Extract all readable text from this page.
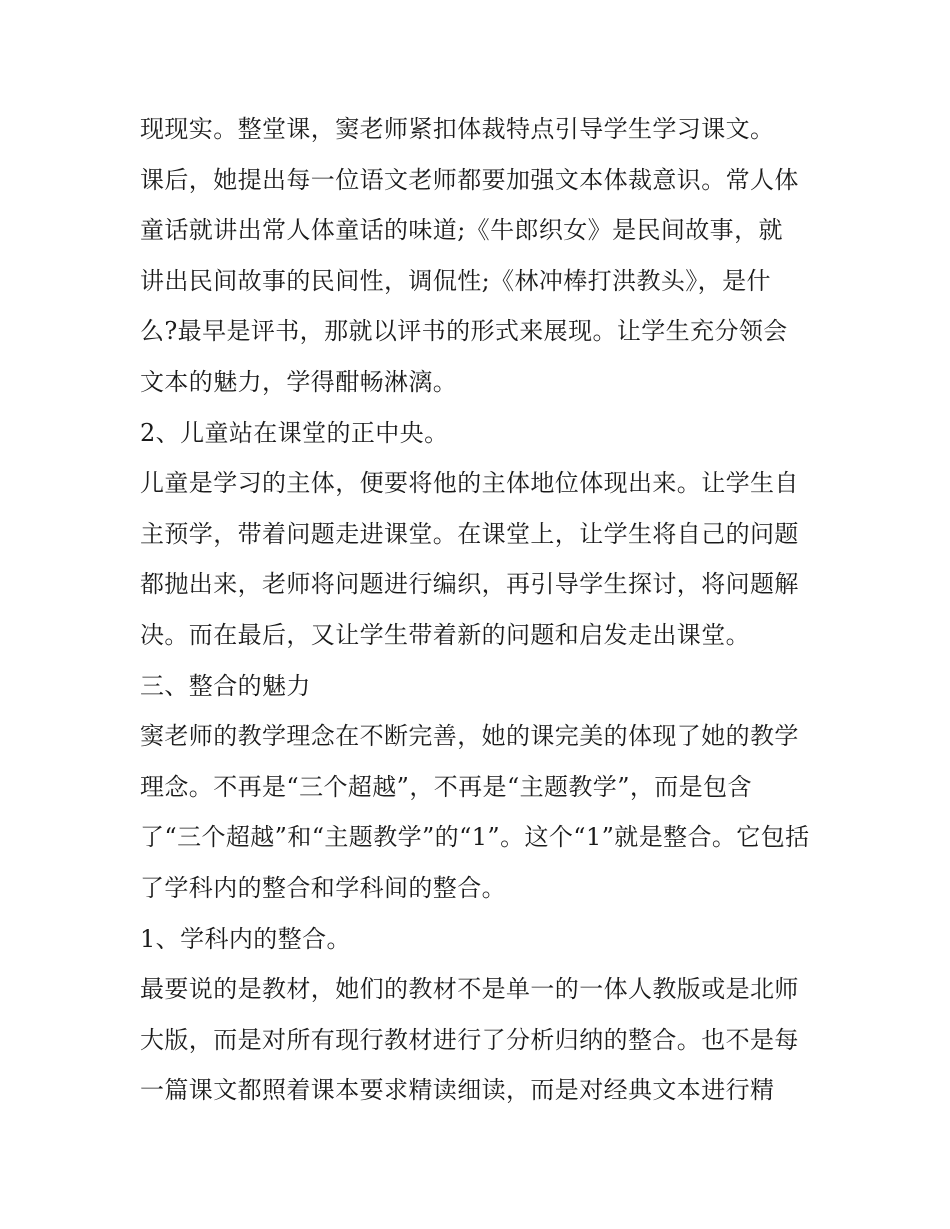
现现实。整堂课，窦老师紧扣体裁特点引导学生学习课文。
课后，她提出每一位语文老师都要加强文本体裁意识。常人体
童话就讲出常人体童话的味道;《牛郎织女》是民间故事，就
讲出民间故事的民间性，调侃性;《林冲棒打洪教头》，是什
么?最早是评书，那就以评书的形式来展现。让学生充分领会
文本的魅力，学得酣畅淋漓。
2、儿童站在课堂的正中央。
儿童是学习的主体，便要将他的主体地位体现出来。让学生自
主预学，带着问题走进课堂。在课堂上，让学生将自己的问题
都抛出来，老师将问题进行编织，再引导学生探讨，将问题解
决。而在最后，又让学生带着新的问题和启发走出课堂。
三、整合的魅力
窦老师的教学理念在不断完善，她的课完美的体现了她的教学
理念。不再是“三个超越”，不再是“主题教学”，而是包含
了“三个超越”和“主题教学”的“1”。这个“1”就是整合。它包括
了学科内的整合和学科间的整合。
1、学科内的整合。
最要说的是教材，她们的教材不是单一的一体人教版或是北师
大版，而是对所有现行教材进行了分析归纳的整合。也不是每
一篇课文都照着课本要求精读细读，而是对经典文本进行精
